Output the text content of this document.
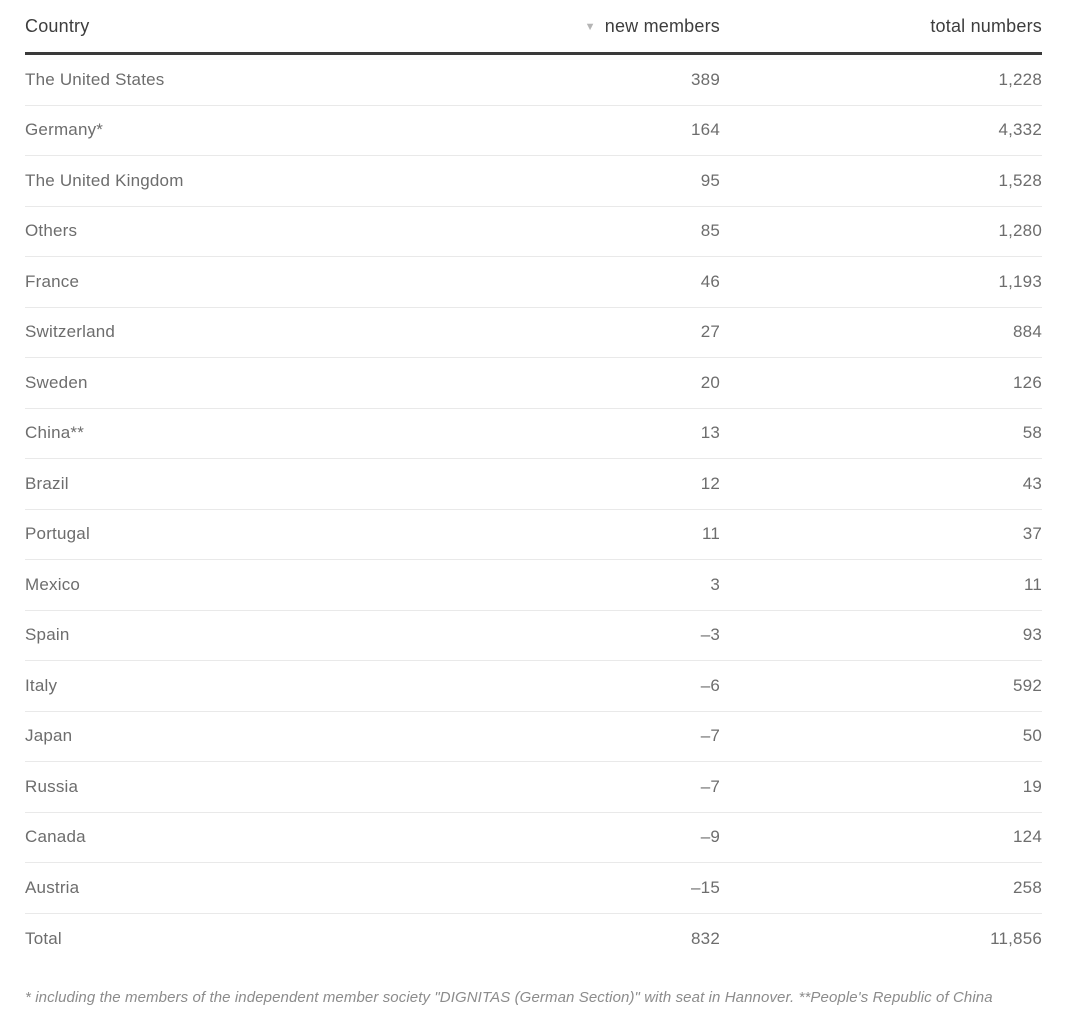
Country	▼ new members	total numbers
The United States	389	1,228
Germany*	164	4,332
The United Kingdom	95	1,528
Others	85	1,280
France	46	1,193
Switzerland	27	884
Sweden	20	126
China**	13	58
Brazil	12	43
Portugal	11	37
Mexico	3	11
Spain	–3	93
Italy	–6	592
Japan	–7	50
Russia	–7	19
Canada	–9	124
Austria	–15	258
Total	832	11,856

* including the members of the independent member society "DIGNITAS (German Section)" with seat in Hannover. **People's Republic of China
